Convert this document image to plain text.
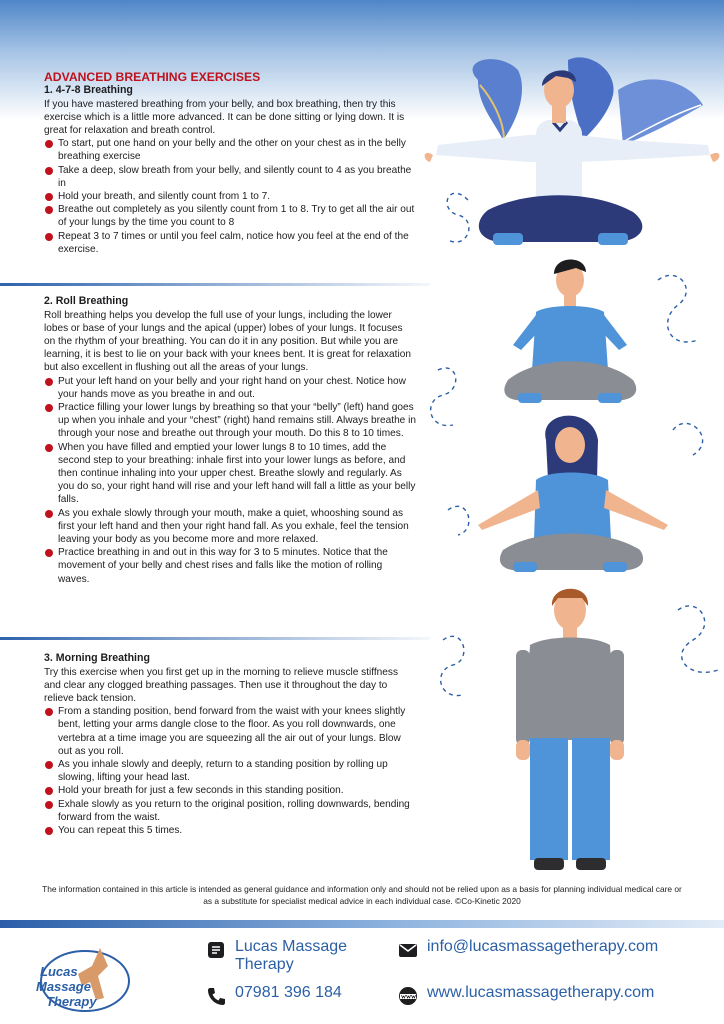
ADVANCED BREATHING EXERCISES
1. 4-7-8 Breathing

If you have mastered breathing from your belly, and box breathing, then try this exercise which is a little more advanced. It can be done sitting or lying down. It is great for relaxation and breath control.

To start, put one hand on your belly and the other on your chest as in the belly breathing exercise
Take a deep, slow breath from your belly, and silently count to 4 as you breathe in
Hold your breath, and silently count from 1 to 7.
Breathe out completely as you silently count from 1 to 8. Try to get all the air out of your lungs by the time you count to 8
Repeat 3 to 7 times or until you feel calm, notice how you feel at the end of the exercise.
2. Roll Breathing

Roll breathing helps you develop the full use of your lungs, including the lower lobes or base of your lungs and the apical (upper) lobes of your lungs. It focuses on the rhythm of your breathing. You can do it in any position. But while you are learning, it is best to lie on your back with your knees bent. It is great for relaxation but also excellent in flushing out all the areas of your lungs.

Put your left hand on your belly and your right hand on your chest. Notice how your hands move as you breathe in and out.
Practice filling your lower lungs by breathing so that your “belly” (left) hand goes up when you inhale and your “chest” (right) hand remains still. Always breathe in through your nose and breathe out through your mouth. Do this 8 to 10 times.
When you have filled and emptied your lower lungs 8 to 10 times, add the second step to your breathing: inhale first into your lower lungs as before, and then continue inhaling into your upper chest. Breathe slowly and regularly. As you do so, your right hand will rise and your left hand will fall a little as your belly falls.
As you exhale slowly through your mouth, make a quiet, whooshing sound as first your left hand and then your right hand fall. As you exhale, feel the tension leaving your body as you become more and more relaxed.
Practice breathing in and out in this way for 3 to 5 minutes. Notice that the movement of your belly and chest rises and falls like the motion of rolling waves.
3. Morning Breathing

Try this exercise when you first get up in the morning to relieve muscle stiffness and clear any clogged breathing passages. Then use it throughout the day to relieve back tension.

From a standing position, bend forward from the waist with your knees slightly bent, letting your arms dangle close to the floor. As you roll downwards, one vertebra at a time image you are squeezing all the air out of your lungs. Blow out as you roll.
As you inhale slowly and deeply, return to a standing position by rolling up slowing, lifting your head last.
Hold your breath for just a few seconds in this standing position.
Exhale slowly as you return to the original position, rolling downwards, bending forward from the waist.
You can repeat this 5 times.
The information contained in this article is intended as general guidance and information only and should not be relied upon as a basis for planning individual medical care or as a substitute for specialist medical advice in each individual case. ©Co-Kinetic 2020
Lucas
Massage
Therapy
Lucas Massage
Therapy
07981 396 184
info@lucasmassagetherapy.com
www.lucasmassagetherapy.com
